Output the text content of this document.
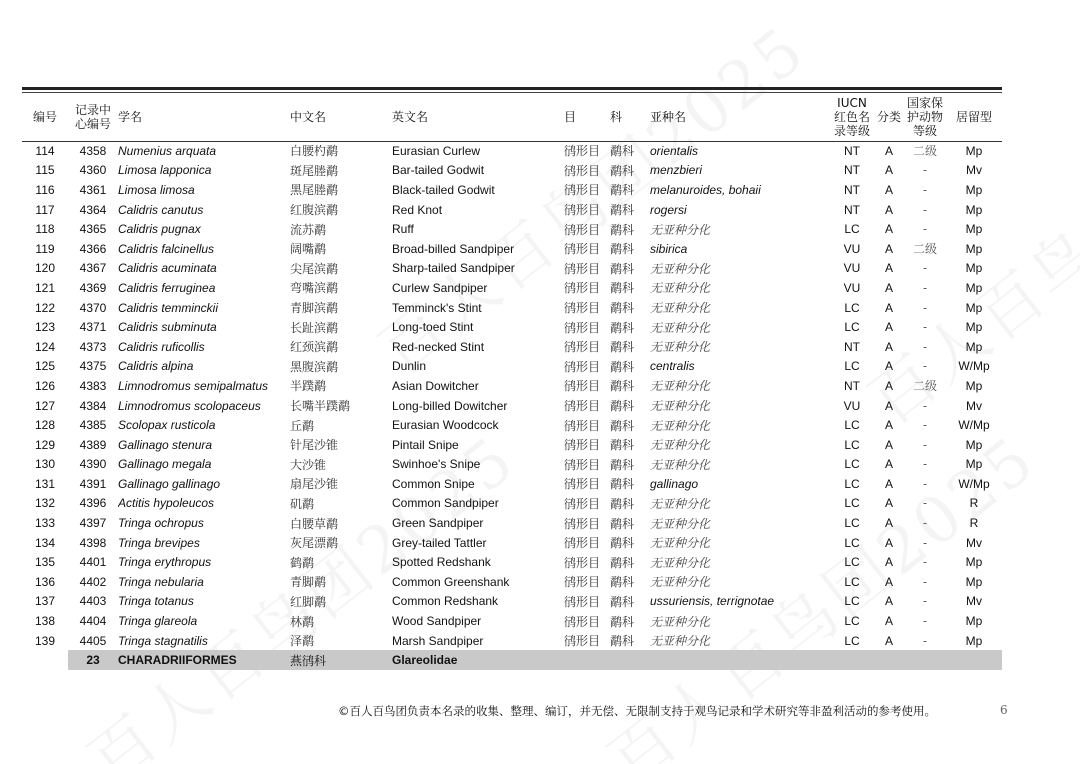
编号	记录中心编号	学名	中文名	英文名	目	科	亚种名	IUCN红色名录等级	分类	国家保护动物等级	居留型
114	4358	Numenius arquata	白腰杓鹬	Eurasian Curlew	鸻形目	鹬科	orientalis	NT	A	二级	Mp
115	4360	Limosa lapponica	斑尾塍鹬	Bar-tailed Godwit	鸻形目	鹬科	menzbieri	NT	A	-	Mv
116	4361	Limosa limosa	黑尾塍鹬	Black-tailed Godwit	鸻形目	鹬科	melanuroides, bohaii	NT	A	-	Mp
117	4364	Calidris canutus	红腹滨鹬	Red Knot	鸻形目	鹬科	rogersi	NT	A	-	Mp
118	4365	Calidris pugnax	流苏鹬	Ruff	鸻形目	鹬科	无亚种分化	LC	A	-	Mp
119	4366	Calidris falcinellus	阔嘴鹬	Broad-billed Sandpiper	鸻形目	鹬科	sibirica	VU	A	二级	Mp
120	4367	Calidris acuminata	尖尾滨鹬	Sharp-tailed Sandpiper	鸻形目	鹬科	无亚种分化	VU	A	-	Mp
121	4369	Calidris ferruginea	弯嘴滨鹬	Curlew Sandpiper	鸻形目	鹬科	无亚种分化	VU	A	-	Mp
122	4370	Calidris temminckii	青脚滨鹬	Temminck's Stint	鸻形目	鹬科	无亚种分化	LC	A	-	Mp
123	4371	Calidris subminuta	长趾滨鹬	Long-toed Stint	鸻形目	鹬科	无亚种分化	LC	A	-	Mp
124	4373	Calidris ruficollis	红颈滨鹬	Red-necked Stint	鸻形目	鹬科	无亚种分化	NT	A	-	Mp
125	4375	Calidris alpina	黑腹滨鹬	Dunlin	鸻形目	鹬科	centralis	LC	A	-	W/Mp
126	4383	Limnodromus semipalmatus	半蹼鹬	Asian Dowitcher	鸻形目	鹬科	无亚种分化	NT	A	二级	Mp
127	4384	Limnodromus scolopaceus	长嘴半蹼鹬	Long-billed Dowitcher	鸻形目	鹬科	无亚种分化	VU	A	-	Mv
128	4385	Scolopax rusticola	丘鹬	Eurasian Woodcock	鸻形目	鹬科	无亚种分化	LC	A	-	W/Mp
129	4389	Gallinago stenura	针尾沙锥	Pintail Snipe	鸻形目	鹬科	无亚种分化	LC	A	-	Mp
130	4390	Gallinago megala	大沙锥	Swinhoe's Snipe	鸻形目	鹬科	无亚种分化	LC	A	-	Mp
131	4391	Gallinago gallinago	扇尾沙锥	Common Snipe	鸻形目	鹬科	gallinago	LC	A	-	W/Mp
132	4396	Actitis hypoleucos	矶鹬	Common Sandpiper	鸻形目	鹬科	无亚种分化	LC	A	-	R
133	4397	Tringa ochropus	白腰草鹬	Green Sandpiper	鸻形目	鹬科	无亚种分化	LC	A	-	R
134	4398	Tringa brevipes	灰尾漂鹬	Grey-tailed Tattler	鸻形目	鹬科	无亚种分化	LC	A	-	Mv
135	4401	Tringa erythropus	鹤鹬	Spotted Redshank	鸻形目	鹬科	无亚种分化	LC	A	-	Mp
136	4402	Tringa nebularia	青脚鹬	Common Greenshank	鸻形目	鹬科	无亚种分化	LC	A	-	Mp
137	4403	Tringa totanus	红脚鹬	Common Redshank	鸻形目	鹬科	ussuriensis, terrignotae	LC	A	-	Mv
138	4404	Tringa glareola	林鹬	Wood Sandpiper	鸻形目	鹬科	无亚种分化	LC	A	-	Mp
139	4405	Tringa stagnatilis	泽鹬	Marsh Sandpiper	鸻形目	鹬科	无亚种分化	LC	A	-	Mp
	23	CHARADRIIFORMES	燕鸻科	Glareolidae							
©百人百鸟团负责本名录的收集、整理、编订，并无偿、无限制支持于观鸟记录和学术研究等非盈利活动的参考使用。	6
